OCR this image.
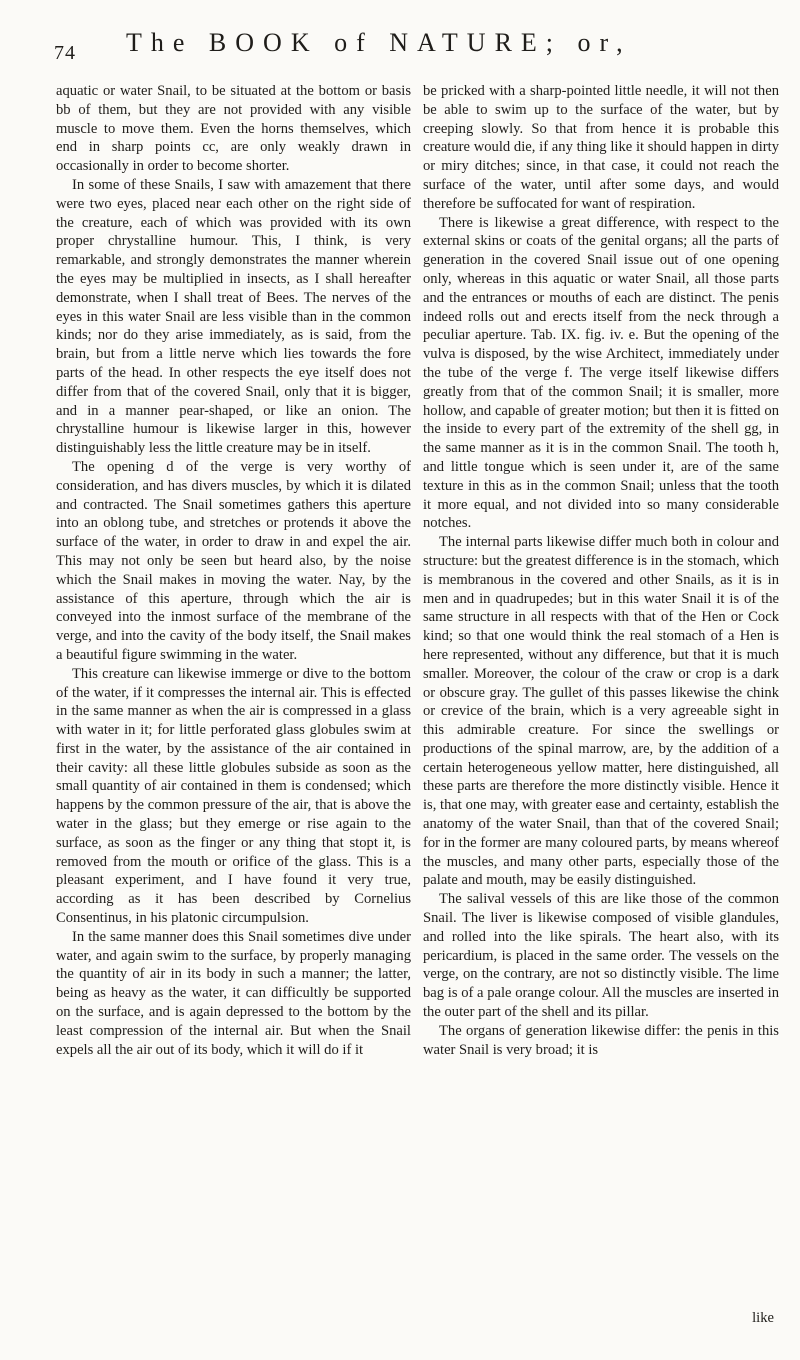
74 The BOOK of NATURE; or,

aquatic or water Snail, to be situated at the bottom or basis bb of them, but they are not provided with any visible muscle to move them. Even the horns themselves, which end in sharp points cc, are only weakly drawn in occasionally in order to become shorter.

In some of these Snails, I saw with amazement that there were two eyes, placed near each other on the right side of the creature, each of which was provided with its own proper chrystalline humour. This, I think, is very remarkable, and strongly demonstrates the manner wherein the eyes may be multiplied in insects, as I shall hereafter demonstrate, when I shall treat of Bees. The nerves of the eyes in this water Snail are less visible than in the common kinds; nor do they arise immediately, as is said, from the brain, but from a little nerve which lies towards the fore parts of the head. In other respects the eye itself does not differ from that of the covered Snail, only that it is bigger, and in a manner pear-shaped, or like an onion. The chrystalline humour is likewise larger in this, however distinguishably less the little creature may be in itself.

The opening d of the verge is very worthy of consideration, and has divers muscles, by which it is dilated and contracted. The Snail sometimes gathers this aperture into an oblong tube, and stretches or protends it above the surface of the water, in order to draw in and expel the air. This may not only be seen but heard also, by the noise which the Snail makes in moving the water. Nay, by the assistance of this aperture, through which the air is conveyed into the inmost surface of the membrane of the verge, and into the cavity of the body itself, the Snail makes a beautiful figure swimming in the water.

This creature can likewise immerge or dive to the bottom of the water, if it compresses the internal air. This is effected in the same manner as when the air is compressed in a glass with water in it; for little perforated glass globules swim at first in the water, by the assistance of the air contained in their cavity: all these little globules subside as soon as the small quantity of air contained in them is condensed; which happens by the common pressure of the air, that is above the water in the glass; but they emerge or rise again to the surface, as soon as the finger or any thing that stopt it, is removed from the mouth or orifice of the glass. This is a pleasant experiment, and I have found it very true, according as it has been described by Cornelius Consentinus, in his platonic circumpulsion.

In the same manner does this Snail sometimes dive under water, and again swim to the surface, by properly managing the quantity of air in its body in such a manner; the latter, being as heavy as the water, it can difficultly be supported on the surface, and is again depressed to the bottom by the least compression of the internal air. But when the Snail expels all the air out of its body, which it will do if it

be pricked with a sharp-pointed little needle, it will not then be able to swim up to the surface of the water, but by creeping slowly. So that from hence it is probable this creature would die, if any thing like it should happen in dirty or miry ditches; since, in that case, it could not reach the surface of the water, until after some days, and would therefore be suffocated for want of respiration.

There is likewise a great difference, with respect to the external skins or coats of the genital organs; all the parts of generation in the covered Snail issue out of one opening only, whereas in this aquatic or water Snail, all those parts and the entrances or mouths of each are distinct. The penis indeed rolls out and erects itself from the neck through a peculiar aperture. Tab. IX. fig. iv. e. But the opening of the vulva is disposed, by the wise Architect, immediately under the tube of the verge f. The verge itself likewise differs greatly from that of the common Snail; it is smaller, more hollow, and capable of greater motion; but then it is fitted on the inside to every part of the extremity of the shell gg, in the same manner as it is in the common Snail. The tooth h, and little tongue which is seen under it, are of the same texture in this as in the common Snail; unless that the tooth it more equal, and not divided into so many considerable notches.

The internal parts likewise differ much both in colour and structure: but the greatest difference is in the stomach, which is membranous in the covered and other Snails, as it is in men and in quadrupedes; but in this water Snail it is of the same structure in all respects with that of the Hen or Cock kind; so that one would think the real stomach of a Hen is here represented, without any difference, but that it is much smaller. Moreover, the colour of the craw or crop is a dark or obscure gray. The gullet of this passes likewise the chink or crevice of the brain, which is a very agreeable sight in this admirable creature. For since the swellings or productions of the spinal marrow, are, by the addition of a certain heterogeneous yellow matter, here distinguished, all these parts are therefore the more distinctly visible. Hence it is, that one may, with greater ease and certainty, establish the anatomy of the water Snail, than that of the covered Snail; for in the former are many coloured parts, by means whereof the muscles, and many other parts, especially those of the palate and mouth, may be easily distinguished.

The salival vessels of this are like those of the common Snail. The liver is likewise composed of visible glandules, and rolled into the like spirals. The heart also, with its pericardium, is placed in the same order. The vessels on the verge, on the contrary, are not so distinctly visible. The lime bag is of a pale orange colour. All the muscles are inserted in the outer part of the shell and its pillar.

The organs of generation likewise differ: the penis in this water Snail is very broad; it is

like
